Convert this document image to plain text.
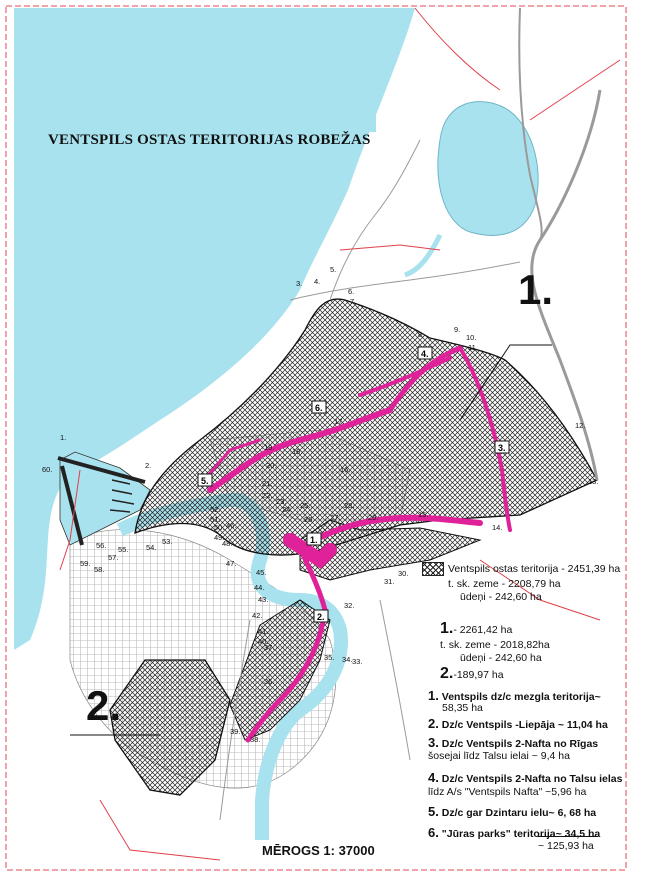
1.
2.
3.
4.
5.
6.
1.
2.
3. 4.
5.
6.
7.
8.
9.
10.
11.
12.
13.
14.
15.
16.
17.
18.
19.
20.
21.
22.
23.
24. 25.
26. 27.
28.
29.
30.
31.
32.
33.
34.
35.
36.
37.
38.
39.
40.
41.
42.
43.
44.
45.
46.
47.
48.
49.
50.
51.
52.
53.
54.
55.
56.
57.
58.
59.
60.
VENTSPILS OSTAS TERITORIJAS ROBEŽAS
1.
2.
Ventspils ostas teritorija - 2451,39 ha
t. sk. zeme - 2208,79 ha
ūdeņi - 242,60 ha
1.- 2261,42 ha
t. sk. zeme - 2018,82ha
ūdeņi - 242,60 ha
2.-189,97 ha
1. Ventspils dz/c mezgla teritorija~
58,35 ha
2. Dz/c Ventspils -Liepāja ~ 11,04 ha
3. Dz/c Ventspils 2-Nafta no Rīgas
šosejai līdz Talsu ielai ~ 9,4 ha
4. Dz/c Ventspils 2-Nafta no Talsu ielas
līdz A/s "Ventspils Nafta" ~5,96 ha
5. Dz/c gar Dzintaru ielu~ 6, 68 ha
6. "Jūras parks" teritorija~ 34,5 ha
~ 125,93 ha
MĒROGS 1: 37000
